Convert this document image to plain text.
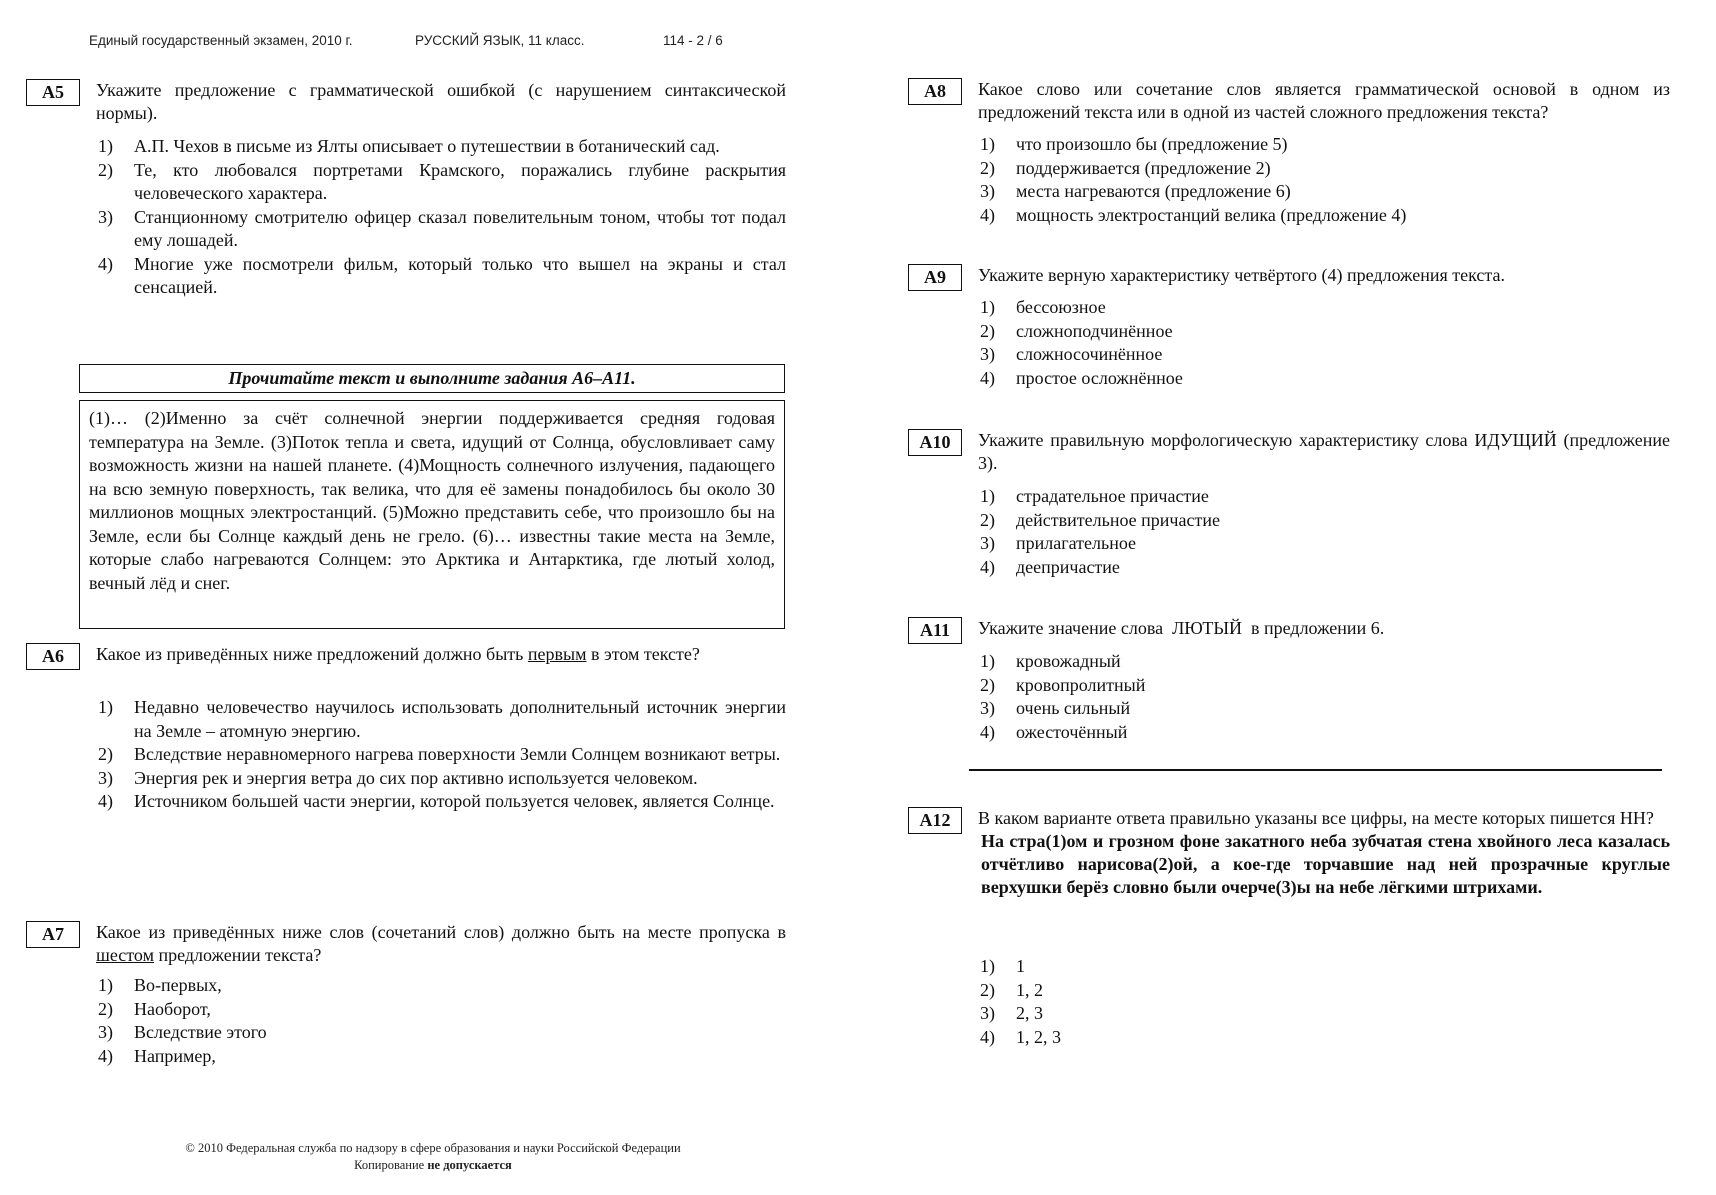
Единый государственный экзамен, 2010 г.	РУССКИЙ ЯЗЫК, 11 класс.	114 - 2 / 6
А5	Укажите предложение с грамматической ошибкой (с нарушением синтаксической нормы).
1) А.П. Чехов в письме из Ялты описывает о путешествии в ботанический сад.
2) Те, кто любовался портретами Крамского, поражались глубине раскрытия человеческого характера.
3) Станционному смотрителю офицер сказал повелительным тоном, чтобы тот подал ему лошадей.
4) Многие уже посмотрели фильм, который только что вышел на экраны и стал сенсацией.
Прочитайте текст и выполните задания А6–А11.
(1)… (2)Именно за счёт солнечной энергии поддерживается средняя годовая температура на Земле. (3)Поток тепла и света, идущий от Солнца, обусловливает саму возможность жизни на нашей планете. (4)Мощность солнечного излучения, падающего на всю земную поверхность, так велика, что для её замены понадобилось бы около 30 миллионов мощных электростанций. (5)Можно представить себе, что произошло бы на Земле, если бы Солнце каждый день не грело. (6)… известны такие места на Земле, которые слабо нагреваются Солнцем: это Арктика и Антарктика, где лютый холод, вечный лёд и снег.
А6	Какое из приведённых ниже предложений должно быть первым в этом тексте?
1) Недавно человечество научилось использовать дополнительный источник энергии на Земле – атомную энергию.
2) Вследствие неравномерного нагрева поверхности Земли Солнцем возникают ветры.
3) Энергия рек и энергия ветра до сих пор активно используется человеком.
4) Источником большей части энергии, которой пользуется человек, является Солнце.
А7	Какое из приведённых ниже слов (сочетаний слов) должно быть на месте пропуска в шестом предложении текста?
1) Во-первых,
2) Наоборот,
3) Вследствие этого
4) Например,
А8	Какое слово или сочетание слов является грамматической основой в одном из предложений текста или в одной из частей сложного предложения текста?
1) что произошло бы (предложение 5)
2) поддерживается (предложение 2)
3) места нагреваются (предложение 6)
4) мощность электростанций велика (предложение 4)
А9	Укажите верную характеристику четвёртого (4) предложения текста.
1) бессоюзное
2) сложноподчинённое
3) сложносочинённое
4) простое осложнённое
А10	Укажите правильную морфологическую характеристику слова ИДУЩИЙ (предложение 3).
1) страдательное причастие
2) действительное причастие
3) прилагательное
4) деепричастие
А11	Укажите значение слова  ЛЮТЫЙ  в предложении 6.
1) кровожадный
2) кровопролитный
3) очень сильный
4) ожесточённый
А12	В каком варианте ответа правильно указаны все цифры, на месте которых пишется НН?
На стра(1)ом и грозном фоне закатного неба зубчатая стена хвойного леса казалась отчётливо нарисова(2)ой, а кое-где торчавшие над ней прозрачные круглые верхушки берёз словно были очерче(3)ы на небе лёгкими штрихами.
1) 1
2) 1, 2
3) 2, 3
4) 1, 2, 3
© 2010 Федеральная служба по надзору в сфере образования и науки Российской Федерации
Копирование не допускается
